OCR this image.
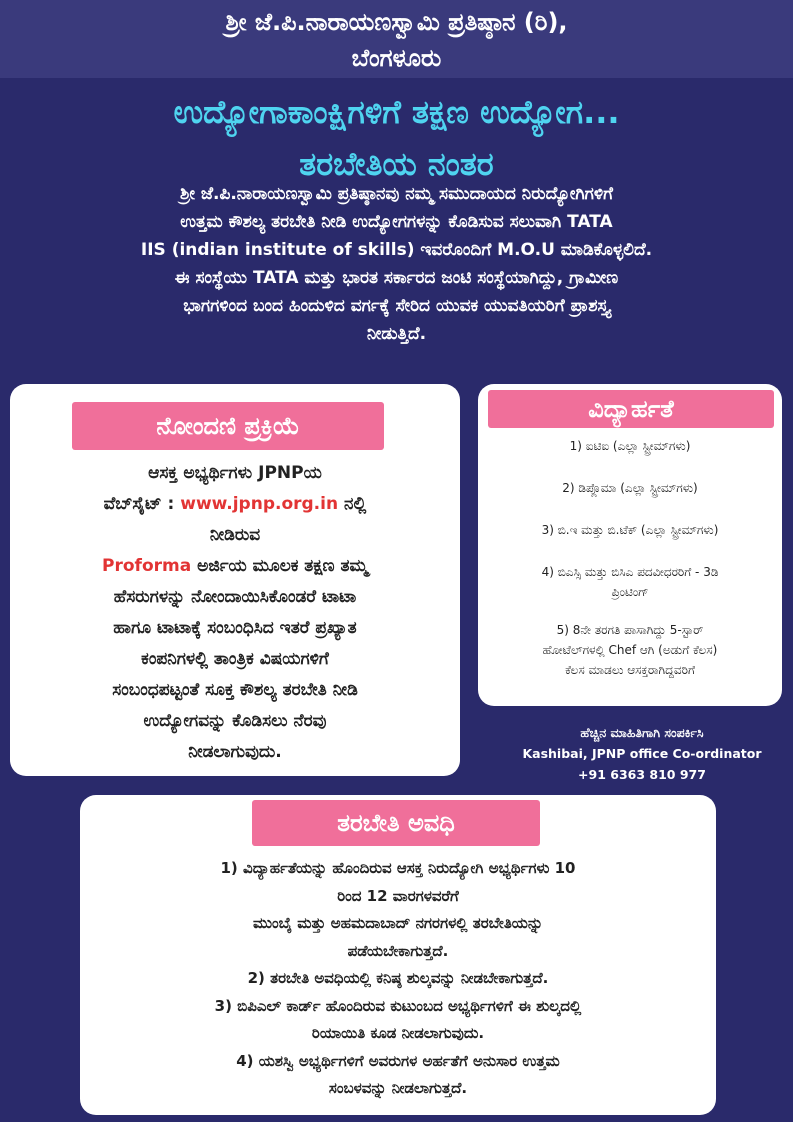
ಶ್ರೀ ಜೆ.ಪಿ.ನಾರಾಯಣಸ್ವಾಮಿ ಪ್ರತಿಷ್ಠಾನ (ರಿ),
ಬೆಂಗಳೂರು
ಉದ್ಯೋಗಾಕಾಂಕ್ಷಿಗಳಿಗೆ ತಕ್ಷಣ ಉದ್ಯೋಗ...
ತರಬೇತಿಯ ನಂತರ
ಶ್ರೀ ಜೆ.ಪಿ.ನಾರಾಯಣಸ್ವಾಮಿ ಪ್ರತಿಷ್ಠಾನವು ನಮ್ಮ ಸಮುದಾಯದ ನಿರುದ್ಯೋಗಿಗಳಿಗೆ
ಉತ್ತಮ ಕೌಶಲ್ಯ ತರಬೇತಿ ನೀಡಿ ಉದ್ಯೋಗಗಳನ್ನು ಕೊಡಿಸುವ ಸಲುವಾಗಿ TATA
IIS (indian institute of skills) ಇವರೊಂದಿಗೆ M.O.U ಮಾಡಿಕೊಳ್ಳಲಿದೆ.
ಈ ಸಂಸ್ಥೆಯು TATA ಮತ್ತು ಭಾರತ ಸರ್ಕಾರದ ಜಂಟಿ ಸಂಸ್ಥೆಯಾಗಿದ್ದು, ಗ್ರಾಮೀಣ
ಭಾಗಗಳಿಂದ ಬಂದ ಹಿಂದುಳಿದ ವರ್ಗಕ್ಕೆ ಸೇರಿದ ಯುವಕ ಯುವತಿಯರಿಗೆ ಪ್ರಾಶಸ್ತ್ಯ
ನೀಡುತ್ತಿದೆ.
ನೋಂದಣಿ ಪ್ರಕ್ರಿಯೆ
ಆಸಕ್ತ ಅಭ್ಯರ್ಥಿಗಳು JPNPಯ
ವೆಬ್‌ಸೈಟ್ : www.jpnp.org.in ನಲ್ಲಿ
ನೀಡಿರುವ
Proforma ಅರ್ಜಿಯ ಮೂಲಕ ತಕ್ಷಣ ತಮ್ಮ
ಹೆಸರುಗಳನ್ನು ನೋಂದಾಯಿಸಿಕೊಂಡರೆ ಟಾಟಾ
ಹಾಗೂ ಟಾಟಾಕ್ಕೆ ಸಂಬಂಧಿಸಿದ ಇತರೆ ಪ್ರಖ್ಯಾತ
ಕಂಪನಿಗಳಲ್ಲಿ ತಾಂತ್ರಿಕ ವಿಷಯಗಳಿಗೆ
ಸಂಬಂಧಪಟ್ಟಂತೆ ಸೂಕ್ತ ಕೌಶಲ್ಯ ತರಬೇತಿ ನೀಡಿ
ಉದ್ಯೋಗವನ್ನು ಕೊಡಿಸಲು ನೆರವು
ನೀಡಲಾಗುವುದು.
ವಿದ್ಯಾರ್ಹತೆ
1) ಐಟಿಐ (ಎಲ್ಲಾ ಸ್ಟ್ರೀಮ್‌ಗಳು)
2) ಡಿಪ್ಲೊಮಾ (ಎಲ್ಲಾ ಸ್ಟ್ರೀಮ್‌ಗಳು)
3) ಬಿ.ಇ ಮತ್ತು ಬಿ.ಟೆಕ್ (ಎಲ್ಲಾ ಸ್ಟ್ರೀಮ್‌ಗಳು)
4) ಬಿಎಸ್ಸಿ ಮತ್ತು ಬಿಸಿಎ ಪದವೀಧರರಿಗೆ - 3ಡಿ
ಪ್ರಿಂಟಿಂಗ್
5) 8ನೇ ತರಗತಿ ಪಾಸಾಗಿದ್ದು 5-ಸ್ಟಾರ್
ಹೋಟೆಲ್‌ಗಳಲ್ಲಿ Chef ಆಗಿ (ಅಡುಗೆ ಕೆಲಸ)
ಕೆಲಸ ಮಾಡಲು ಆಸಕ್ತರಾಗಿದ್ದವರಿಗೆ
ಹೆಚ್ಚಿನ ಮಾಹಿತಿಗಾಗಿ ಸಂಪರ್ಕಿಸಿ
Kashibai, JPNP office Co-ordinator
+91 6363 810 977
ತರಬೇತಿ ಅವಧಿ
1) ವಿದ್ಯಾರ್ಹತೆಯನ್ನು ಹೊಂದಿರುವ ಆಸಕ್ತ ನಿರುದ್ಯೋಗಿ ಅಭ್ಯರ್ಥಿಗಳು 10
ರಿಂದ 12 ವಾರಗಳವರೆಗೆ
ಮುಂಬೈ ಮತ್ತು ಅಹಮದಾಬಾದ್ ನಗರಗಳಲ್ಲಿ ತರಬೇತಿಯನ್ನು
ಪಡೆಯಬೇಕಾಗುತ್ತದೆ.
2) ತರಬೇತಿ ಅವಧಿಯಲ್ಲಿ ಕನಿಷ್ಠ ಶುಲ್ಕವನ್ನು ನೀಡಬೇಕಾಗುತ್ತದೆ.
3) ಬಿಪಿಎಲ್ ಕಾರ್ಡ್ ಹೊಂದಿರುವ ಕುಟುಂಬದ ಅಭ್ಯರ್ಥಿಗಳಿಗೆ ಈ ಶುಲ್ಕದಲ್ಲಿ
ರಿಯಾಯಿತಿ ಕೂಡ ನೀಡಲಾಗುವುದು.
4) ಯಶಸ್ವಿ ಅಭ್ಯರ್ಥಿಗಳಿಗೆ ಅವರುಗಳ ಅರ್ಹತೆಗೆ ಅನುಸಾರ ಉತ್ತಮ
ಸಂಬಳವನ್ನು ನೀಡಲಾಗುತ್ತದೆ.
